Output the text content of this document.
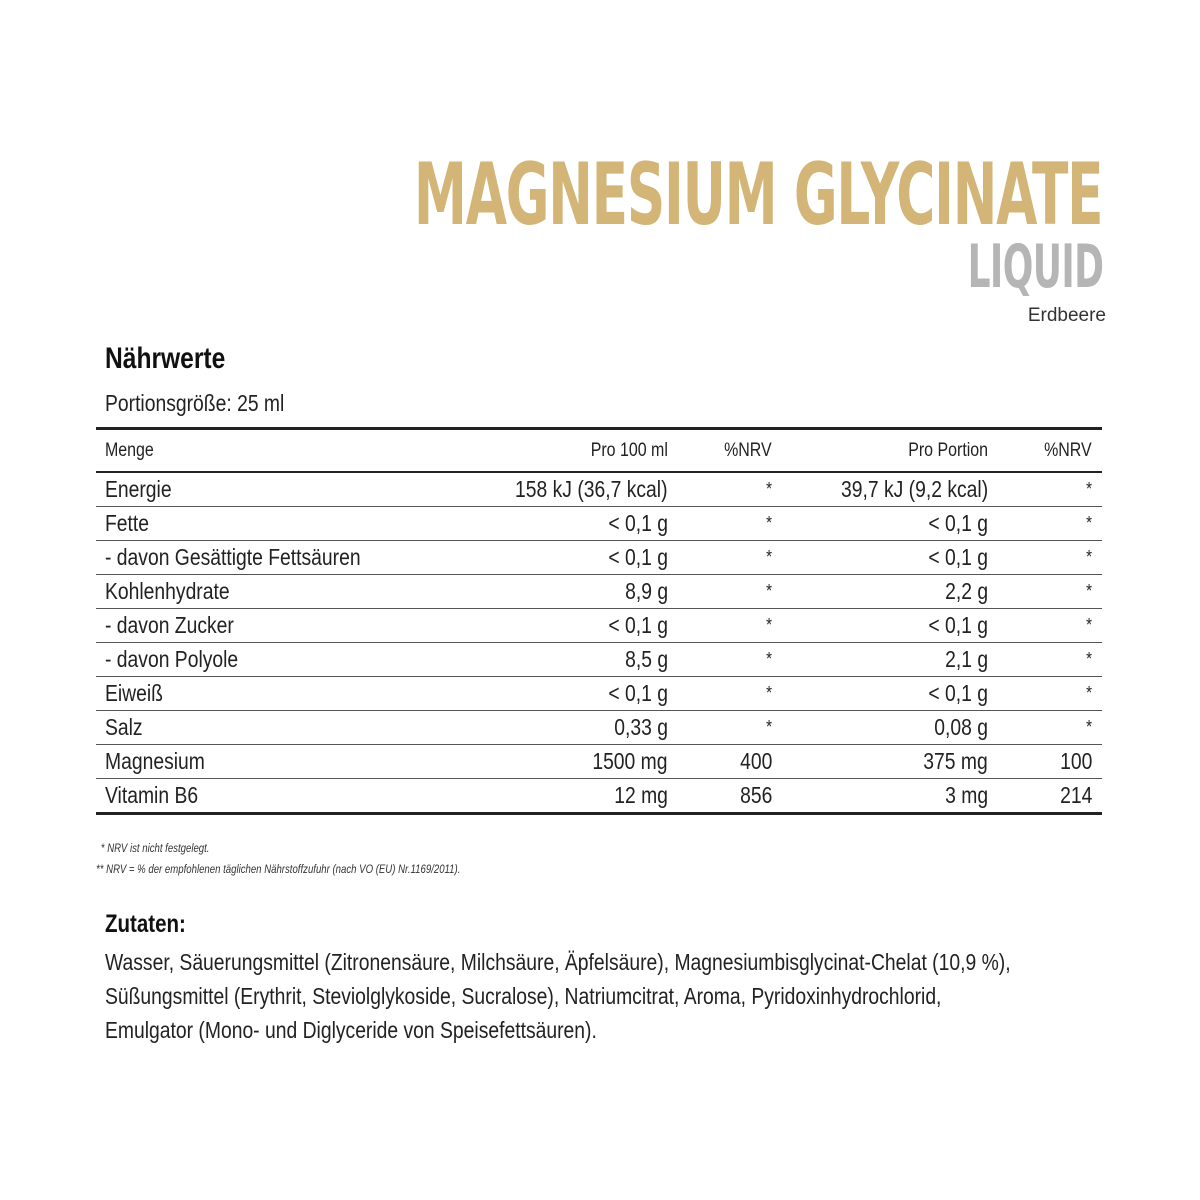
MAGNESIUM GLYCINATE
LIQUID
Erdbeere
Nährwerte
Portionsgröße: 25 ml
Menge	Pro 100 ml	%NRV	Pro Portion	%NRV
Energie	158 kJ (36,7 kcal)	*	39,7 kJ (9,2 kcal)	*
Fette	< 0,1 g	*	< 0,1 g	*
- davon Gesättigte Fettsäuren	< 0,1 g	*	< 0,1 g	*
Kohlenhydrate	8,9 g	*	2,2 g	*
- davon Zucker	< 0,1 g	*	< 0,1 g	*
- davon Polyole	8,5 g	*	2,1 g	*
Eiweiß	< 0,1 g	*	< 0,1 g	*
Salz	0,33 g	*	0,08 g	*
Magnesium	1500 mg	400	375 mg	100
Vitamin B6	12 mg	856	3 mg	214
* NRV ist nicht festgelegt.
** NRV = % der empfohlenen täglichen Nährstoffzufuhr (nach VO (EU) Nr.1169/2011).
Zutaten:
Wasser, Säuerungsmittel (Zitronensäure, Milchsäure, Äpfelsäure), Magnesiumbisglycinat-Chelat (10,9 %),
Süßungsmittel (Erythrit, Steviolglykoside, Sucralose), Natriumcitrat, Aroma, Pyridoxinhydrochlorid,
Emulgator (Mono- und Diglyceride von Speisefettsäuren).
